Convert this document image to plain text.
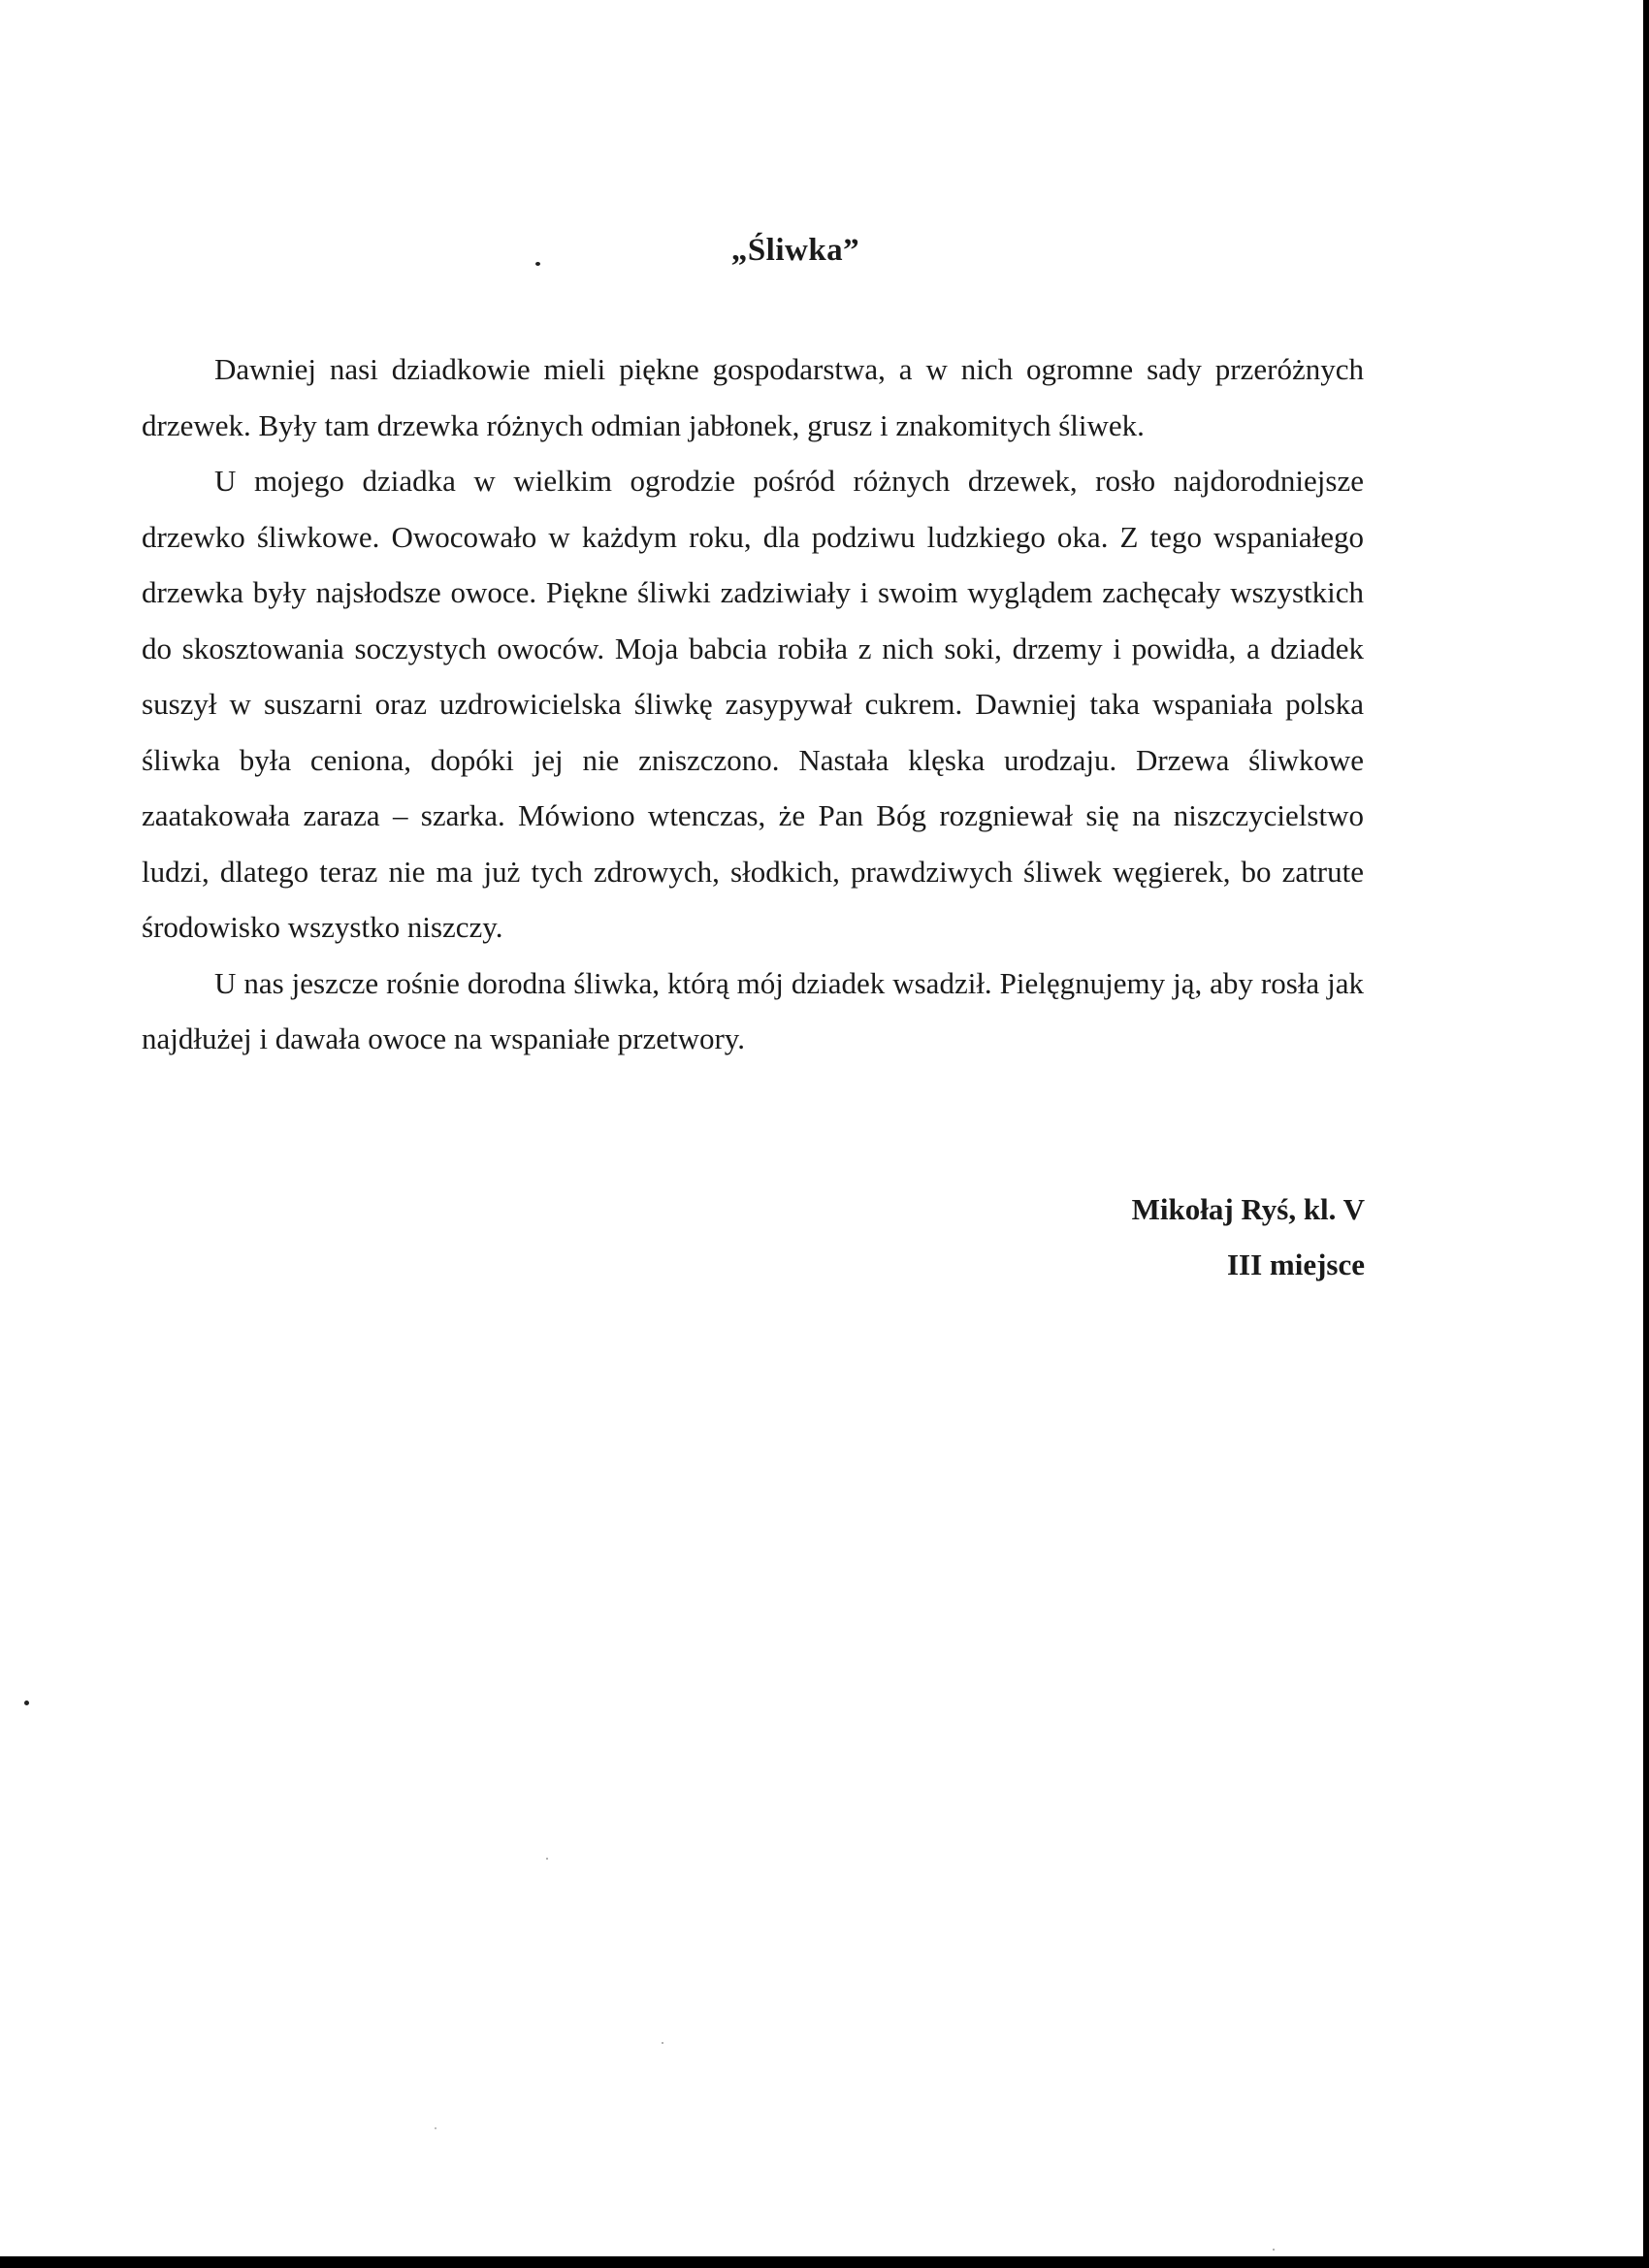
„Śliwka”

Dawniej nasi dziadkowie mieli piękne gospodarstwa, a w nich ogromne sady przeróżnych drzewek. Były tam drzewka różnych odmian jabłonek, grusz i znakomitych śliwek.

U mojego dziadka w wielkim ogrodzie pośród różnych drzewek, rosło najdorodniejsze drzewko śliwkowe. Owocowało w każdym roku, dla podziwu ludzkiego oka. Z tego wspaniałego drzewka były najsłodsze owoce. Piękne śliwki zadziwiały i swoim wyglądem zachęcały wszystkich do skosztowania soczystych owoców. Moja babcia robiła z nich soki, drzemy i powidła, a dziadek suszył w suszarni oraz uzdrowicielska śliwkę zasypywał cukrem. Dawniej taka wspaniała polska śliwka była ceniona, dopóki jej nie zniszczono. Nastała klęska urodzaju. Drzewa śliwkowe zaatakowała zaraza – szarka. Mówiono wtenczas, że Pan Bóg rozgniewał się na niszczycielstwo ludzi, dlatego teraz nie ma już tych zdrowych, słodkich, prawdziwych śliwek węgierek, bo zatrute środowisko wszystko niszczy.

U nas jeszcze rośnie dorodna śliwka, którą mój dziadek wsadził. Pielęgnujemy ją, aby rosła jak najdłużej i dawała owoce na wspaniałe przetwory.

Mikołaj Ryś, kl. V
III miejsce
